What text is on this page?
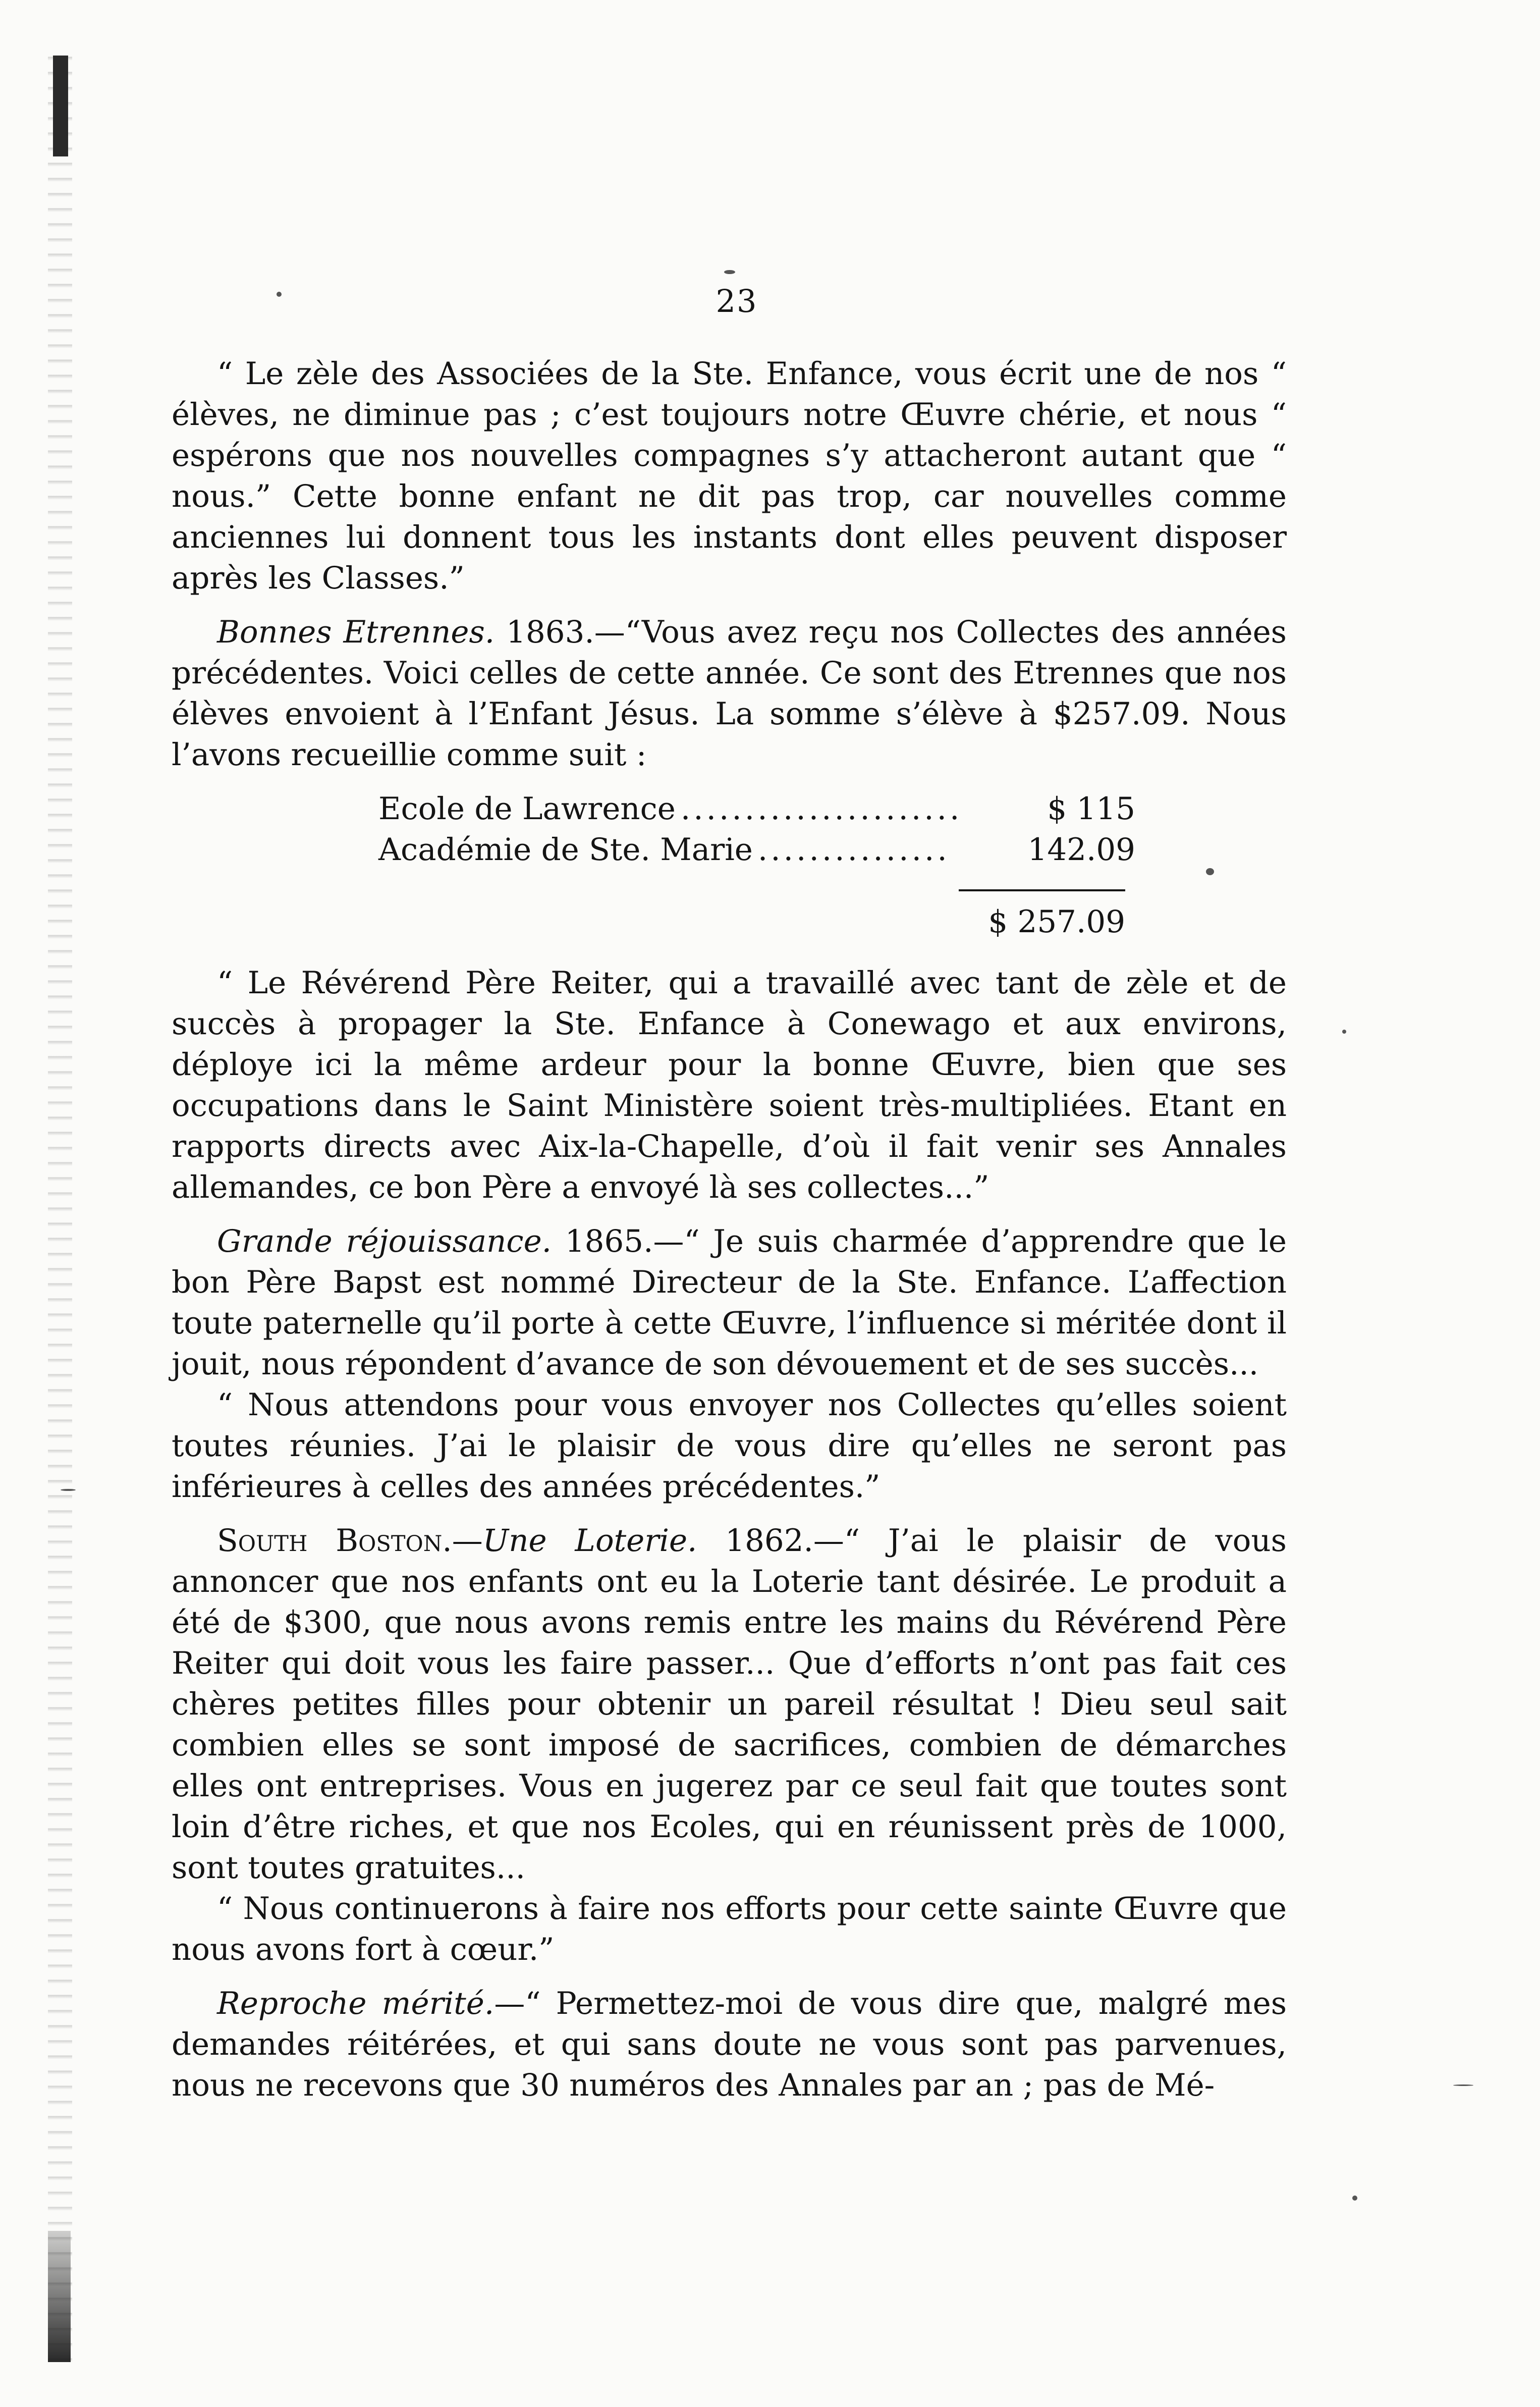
23

“ Le zèle des Associées de la Ste. Enfance, vous écrit une de nos “ élèves, ne diminue pas ; c’est toujours notre Œuvre chérie, et nous “ espérons que nos nouvelles compagnes s’y attacheront autant que “ nous.” Cette bonne enfant ne dit pas trop, car nouvelles comme anciennes lui donnent tous les instants dont elles peuvent disposer après les Classes.”

Bonnes Etrennes. 1863.—“Vous avez reçu nos Collectes des années précédentes. Voici celles de cette année. Ce sont des Etrennes que nos élèves envoient à l’Enfant Jésus. La somme s’élève à $257.09. Nous l’avons recueillie comme suit :

Ecole de Lawrence ......................	$ 115
Académie de Ste. Marie ...............	142.09
$ 257.09

“ Le Révérend Père Reiter, qui a travaillé avec tant de zèle et de succès à propager la Ste. Enfance à Conewago et aux environs, déploye ici la même ardeur pour la bonne Œuvre, bien que ses occupations dans le Saint Ministère soient très-multipliées. Etant en rapports directs avec Aix-la-Chapelle, d’où il fait venir ses Annales allemandes, ce bon Père a envoyé là ses collectes...”

Grande réjouissance. 1865.—“ Je suis charmée d’apprendre que le bon Père Bapst est nommé Directeur de la Ste. Enfance. L’affection toute paternelle qu’il porte à cette Œuvre, l’influence si méritée dont il jouit, nous répondent d’avance de son dévouement et de ses succès...

“ Nous attendons pour vous envoyer nos Collectes qu’elles soient toutes réunies. J’ai le plaisir de vous dire qu’elles ne seront pas inférieures à celles des années précédentes.”

South Boston.—Une Loterie. 1862.—“ J’ai le plaisir de vous annoncer que nos enfants ont eu la Loterie tant désirée. Le produit a été de $300, que nous avons remis entre les mains du Révérend Père Reiter qui doit vous les faire passer... Que d’efforts n’ont pas fait ces chères petites filles pour obtenir un pareil résultat ! Dieu seul sait combien elles se sont imposé de sacrifices, combien de démarches elles ont entreprises. Vous en jugerez par ce seul fait que toutes sont loin d’être riches, et que nos Ecoles, qui en réunissent près de 1000, sont toutes gratuites...

“ Nous continuerons à faire nos efforts pour cette sainte Œuvre que nous avons fort à cœur.”

Reproche mérité.—“ Permettez-moi de vous dire que, malgré mes demandes réitérées, et qui sans doute ne vous sont pas parvenues, nous ne recevons que 30 numéros des Annales par an ; pas de Mé-
